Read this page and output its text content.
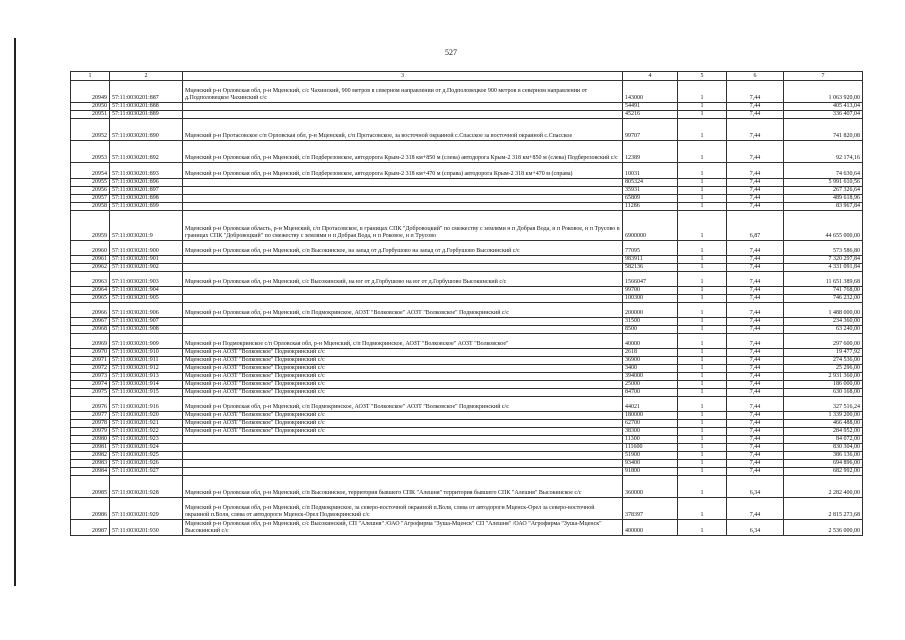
527
1	2	3	4	5	6	7
20949	57:11:0030201:887	Мценский р-н Орловская обл, р-н Мценский, с/с Чахинский, 900 метров в северном направлении от д.Подполовецкое 900 метров в северном направлении от д.Подполовецкое Чахинский с/с	143000	1	7,44	1 063 920,00
20950	57:11:0030201:888		54491	1	7,44	405 413,04
20951	57:11:0030201:889		45216	1	7,44	336 407,04
20952	57:11:0030201:890	Мценский р-н Протасовское с/п Орловская обл, р-н Мценский, с/п Протасовское, за восточной окраиной с.Спасское за восточной окраиной с.Спасское	99707	1	7,44	741 820,08
20953	57:11:0030201:892	Мценский р-н Орловская обл, р-н Мценский, с/п Подберезовское, автодорога Крым-2 318 км+850 м (слева) автодорога Крым-2 318 км+850 м (слева) Подберезовский с/с	12389	1	7,44	92 174,16
20954	57:11:0030201:893	Мценский р-н Орловская обл, р-н Мценский, с/п Подберезовское, автодорога Крым-2 318 км+470 м (справа) автодорога Крым-2 318 км+470 м (справа)	10031	1	7,44	74 630,64
20955	57:11:0030201:896		805324	1	7,44	5 991 610,56
20956	57:11:0030201:897		35931	1	7,44	267 326,64
20957	57:11:0030201:898		65809	1	7,44	489 618,96
20958	57:11:0030201:899		11286	1	7,44	83 967,84
20959	57:11:0030201:9	Мценский р-н Орловская область, р-н Мценский, с/п Протасовское, в границах СПК "Добровоцкий" по смежеству с землями н п Добрая Вода, н п Роковое, н п Трусово в границах СПК "Добровоцкий" по смежеству с землями н п Добрая Вода, н п Роковое, н п Трусово	6900000	1	6,87	44 655 000,00
20960	57:11:0030201:900	Мценский р-н Орловская обл, р-н Мценский, с/п Высокинское, на запад от д.Горбушово на запад от д.Горбушово Высокинский с/с	77095	1	7,44	573 586,80
20961	57:11:0030201:901		983911	1	7,44	7 320 297,84
20962	57:11:0030201:902		582136	1	7,44	4 331 091,84
20963	57:11:0030201:903	Мценский р-н Орловская обл, р-н Мценский, с/с Высокинский, на юг от д.Горбушово на юг от д.Горбушово Высокинский с/с	1566047	1	7,44	11 651 389,68
20964	57:11:0030201:904		99700	1	7,44	741 768,00
20965	57:11:0030201:905		100300	1	7,44	746 232,00
20966	57:11:0030201:906	Мценский р-н Орловская обл, р-н Мценский, с/п Подмокринское, АОЗТ "Волковское" АОЗТ "Волковское" Подмокринский с/с	200000	1	7,44	1 488 000,00
20967	57:11:0030201:907		31500	1	7,44	234 360,00
20968	57:11:0030201:908		8500	1	7,44	63 240,00
20969	57:11:0030201:909	Мценский р-н Подмокринское с/п Орловская обл, р-н Мценский, с/п Подмокринское, АОЗТ "Волковское" АОЗТ "Волковское"	40000	1	7,44	297 600,00
20970	57:11:0030201:910	Мценский р-н АОЗТ "Волковское" Подмокринский с/с	2618	1	7,44	19 477,92
20971	57:11:0030201:911	Мценский р-н АОЗТ "Волковское" Подмокринский с/с	36900	1	7,44	274 536,00
20972	57:11:0030201:912	Мценский р-н АОЗТ "Волковское" Подмокринский с/с	3400	1	7,44	25 296,00
20973	57:11:0030201:913	Мценский р-н АОЗТ "Волковское" Подмокринский с/с	394000	1	7,44	2 931 360,00
20974	57:11:0030201:914	Мценский р-н АОЗТ "Волковское" Подмокринский с/с	25000	1	7,44	186 000,00
20975	57:11:0030201:915	Мценский р-н АОЗТ "Волковское" Подмокринский с/с	84700	1	7,44	630 168,00
20976	57:11:0030201:916	Мценский р-н Орловская обл, р-н Мценский, с/п Подмокринское, АОЗТ "Волковское" АОЗТ "Волковское" Подмокринский с/с	44021	1	7,44	327 516,24
20977	57:11:0030201:920	Мценский р-н АОЗТ "Волковское" Подмокринский с/с	180000	1	7,44	1 339 200,00
20978	57:11:0030201:921	Мценский р-н АОЗТ "Волковское" Подмокринский с/с	62700	1	7,44	466 488,00
20979	57:11:0030201:922	Мценский р-н АОЗТ "Волковское" Подмокринский с/с	38300	1	7,44	284 952,00
20980	57:11:0030201:923		11300	1	7,44	84 072,00
20981	57:11:0030201:924		111600	1	7,44	830 304,00
20982	57:11:0030201:925		51900	1	7,44	386 136,00
20983	57:11:0030201:926		93400	1	7,44	694 896,00
20984	57:11:0030201:927		91800	1	7,44	682 992,00
20985	57:11:0030201:928	Мценский р-н Орловская обл, р-н Мценский, с/п Высокинское, территория бывшего СПК "Алешня" территория бывшего СПК "Алешня" Высокинское с/с	360000	1	6,34	2 282 400,00
20986	57:11:0030201:929	Мценский р-н Орловская обл, р-н Мценский, с/п Подмокринское, за северо-восточной окраиной п.Воля, слева от автодороги Мценск-Орел за северо-восточной окраиной п.Воля, слева от автодороги Мценск-Орел Подмокринский с/с	378397	1	7,44	2 815 273,68
20987	57:11:0030201:930	Мценский р-н Орловская обл, р-н Мценский, с/с Высокинский, СП "Алешня" /ОАО "Агрофирма "Зуша-Мценск" СП "Алешня" /ОАО "Агрофирма "Зуша-Мценск" Высокинский с/с	400000	1	6,34	2 536 000,00
